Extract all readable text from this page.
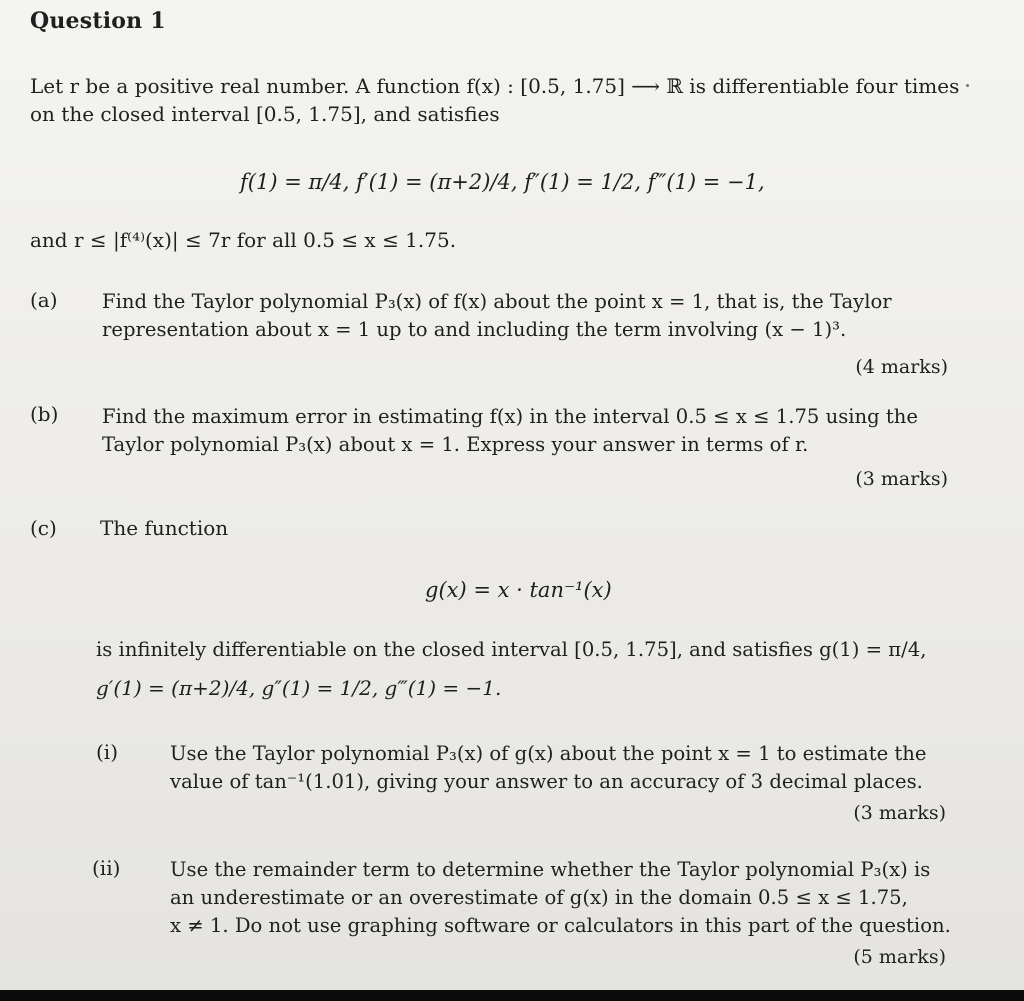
Question 1
Let r be a positive real number. A function f(x) : [0.5, 1.75] ⟶ ℝ is differentiable four times
on the closed interval [0.5, 1.75], and satisfies
f(1) = π/4, f′(1) = (π+2)/4, f″(1) = 1/2, f‴(1) = −1,
and r ≤ |f⁽⁴⁾(x)| ≤ 7r for all 0.5 ≤ x ≤ 1.75.
(a) Find the Taylor polynomial P₃(x) of f(x) about the point x = 1, that is, the Taylor
representation about x = 1 up to and including the term involving (x − 1)³.
(4 marks)
(b) Find the maximum error in estimating f(x) in the interval 0.5 ≤ x ≤ 1.75 using the
Taylor polynomial P₃(x) about x = 1. Express your answer in terms of r.
(3 marks)
(c) The function
g(x) = x · tan⁻¹(x)
is infinitely differentiable on the closed interval [0.5, 1.75], and satisfies g(1) = π/4,
g′(1) = (π+2)/4, g″(1) = 1/2, g‴(1) = −1.
(i)	Use the Taylor polynomial P₃(x) of g(x) about the point x = 1 to estimate the
value of tan⁻¹(1.01), giving your answer to an accuracy of 3 decimal places.
(3 marks)
(ii)	Use the remainder term to determine whether the Taylor polynomial P₃(x) is
an underestimate or an overestimate of g(x) in the domain 0.5 ≤ x ≤ 1.75,
x ≠ 1. Do not use graphing software or calculators in this part of the question.
(5 marks)
